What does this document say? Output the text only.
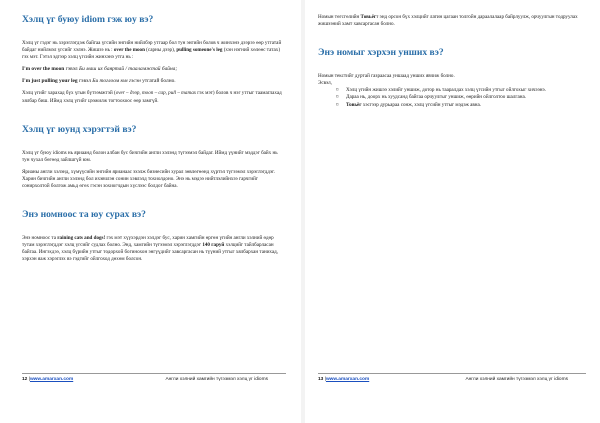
Хэлц үг буюу idiom гэж юу вэ?

Хэлц үг гэдэг нь хэрэглэгдэж байгаа үгсийн энгийн нийлбэр утгаар бол тун энгийн болов ч жинхэнэ дээрээ өөр утгатай байдаг нийлмэл үгсийг хэлнэ. Жишээ нь : over the moon (сарны дээр), pulling someone's leg (хэн нэгний хөлөөс татах) гэх мэт. Гэтэл эдгээр хэлц үгсийн жинхэнэ утга нь :

I'm over the moon гэвэл Би маш их баяртай / тааламжтай байна;

I'm just pulling your leg гэвэл Би тоглоом юм гэсэн утгатай болно.

Хэлц үгийг харахад бүх үгын бүтээмжтэй (over – дээр, moon – сар, pull – татах гэх мэт) болов ч нэг утгыг таамаглахад хялбар биш. Иймд хэлц үгийг цээжилж тогтоохоос өөр замгүй.

Хэлц үг юунд хэрэгтэй вэ?

Хэлц үг буюу idioms нь яриаанд болон албан бус бичгийн англи хэлэнд түгээмэл байдаг. Иймд үүнийг мэддэг байх нь тун чухал бөгөөд зайлшгүй юм.

Ярианы англи хэлэнд, хүмүүсийн энгийн ярианаас эхэлж бизнесийн хурал зөвлөгөөнд хүртэл түгээмэл хэрэглэгддэг. Харин бичгийн англи хэлэнд бол ихэвчлэн сонин хэвлэлд тохиолдоно. Энэ нь мэдээ нийтлэлийнхээ гарчгийг сонирхолтой болгож амьд өгөх гэсэн зохиогчдын хүслээс болдог байна.

Энэ номноос та юу сурах вэ?

Энэ номноос та raining cats and dogs! гэх мэт хүүхэрдэн хэлдэг бус, харин хамгийн өргөн үгийн англи хэлний өдөр тутам хэрэглэгддэг хэлц үгсийг судлах болно. Энд, хамгийн түгээмэл хэрэглэгддэг 140 гаруй хэлцийг тайлбарласан байгаа. Ингэхдээ, хэлц бүрийн утгыг тодорхой богинохон энгүүдийг хавсаргасан нь түүний утгыг хялбархан танихад, хэрхэн яаж хэрэглэх вэ гэдгийг ойлгоход дөхөм болсон.

12
| www.amarxan.com	Англи хэлний хамгийн түгээмэл хэлц үг idioms

Номын төгсгөлийн Товьёгт энд орсон бүх хэлцийг латин цагаан толгойн дараалалаар байрлуулж, орчуулгын тодруулах жишээний хамт хавсаргасан болно.

Энэ номыг хэрхэн унших вэ?

Номын текстийг дуртай газраасаа уншаад унших явчиж болно.

Эсвэл,

¤ Хэлц үгийн жишээ хэлийг уншиж, дотор нь тааралдах хэлц үгсийн утгыг ойлгохыг хичээнэ.
¤ Дараа нь, доорх нь хуудсанд байгаа орчуулгыг уншиж, өөрийн ойлголтоо шалгана.
¤ Товьёг хэсгээр дурьараа сонж, хэлц үгсийн утгыг мэдэж авна.
13
| www.amarxan.com	Англи хэлний хамгийн түгээмэл хэлц үг idioms
